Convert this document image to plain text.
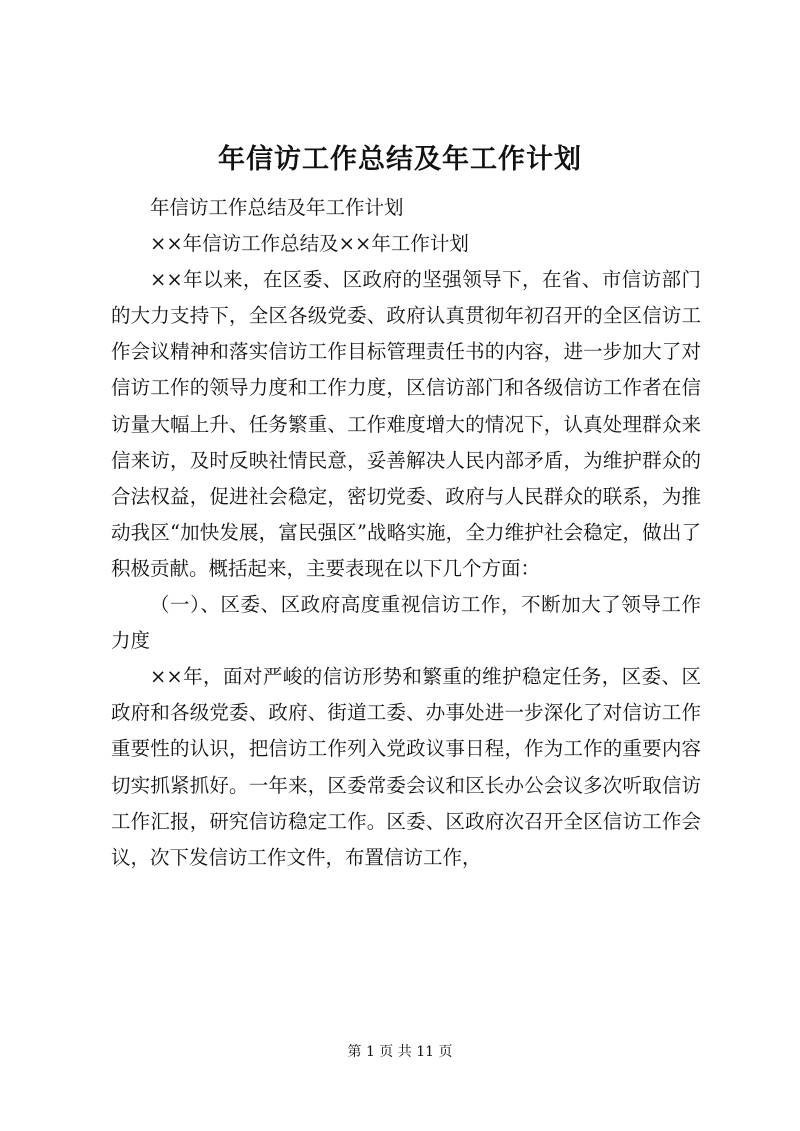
年信访工作总结及年工作计划

年信访工作总结及年工作计划

××年信访工作总结及××年工作计划

××年以来，在区委、区政府的坚强领导下，在省、市信访部门的大力支持下，全区各级党委、政府认真贯彻年初召开的全区信访工作会议精神和落实信访工作目标管理责任书的内容，进一步加大了对信访工作的领导力度和工作力度，区信访部门和各级信访工作者在信访量大幅上升、任务繁重、工作难度增大的情况下，认真处理群众来信来访，及时反映社情民意，妥善解决人民内部矛盾，为维护群众的合法权益，促进社会稳定，密切党委、政府与人民群众的联系，为推动我区“加快发展，富民强区”战略实施，全力维护社会稳定，做出了积极贡献。概括起来，主要表现在以下几个方面：

（一）、区委、区政府高度重视信访工作，不断加大了领导工作力度

××年，面对严峻的信访形势和繁重的维护稳定任务，区委、区政府和各级党委、政府、街道工委、办事处进一步深化了对信访工作重要性的认识，把信访工作列入党政议事日程，作为工作的重要内容切实抓紧抓好。一年来，区委常委会议和区长办公会议多次听取信访工作汇报，研究信访稳定工作。区委、区政府次召开全区信访工作会议，次下发信访工作文件，布置信访工作，

第 1 页 共 11 页
